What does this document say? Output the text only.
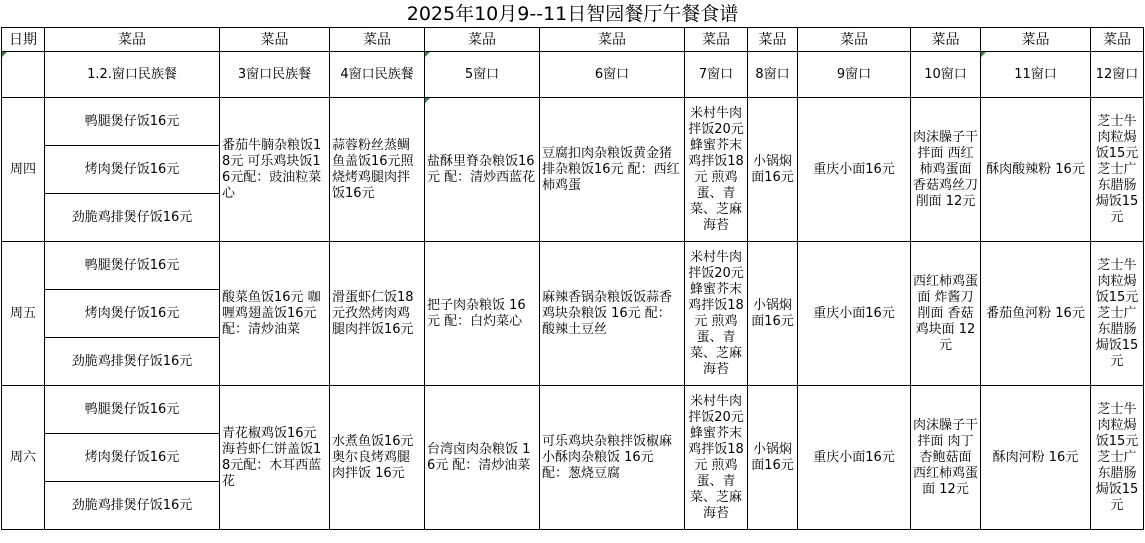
2025年10月9--11日智园餐厅午餐食谱
日期	菜品	菜品	菜品	菜品	菜品	菜品	菜品	菜品	菜品	菜品	菜品
	1.2.窗口民族餐	3窗口民族餐	4窗口民族餐	5窗口	6窗口	7窗口	8窗口	9窗口	10窗口	11窗口	12窗口
周四	鸭腿煲仔饭16元	番茄牛腩杂粮饭18元 可乐鸡块饭16元配：豉油粒菜心	蒜蓉粉丝蒸鲷鱼盖饭16元照烧烤鸡腿肉拌饭16元	盐酥里脊杂粮饭16元 配：清炒西蓝花	豆腐扣肉杂粮饭黄金猪排杂粮饭16元 配：西红柿鸡蛋	米村牛肉拌饭20元 蜂蜜芥末鸡拌饭18元 煎鸡蛋、青菜、芝麻海苔	小锅焖面16元	重庆小面16元	肉沫臊子干拌面 西红柿鸡蛋面 香菇鸡丝刀削面 12元	酥肉酸辣粉 16元	芝士牛肉粒焗饭15元芝士广东腊肠焗饭15元
	烤肉煲仔饭16元										
	劲脆鸡排煲仔饭16元										
周五	鸭腿煲仔饭16元	酸菜鱼饭16元 咖喱鸡翅盖饭16元配：清炒油菜	滑蛋虾仁饭18元孜然烤肉鸡腿肉拌饭16元	把子肉杂粮饭 16元 配：白灼菜心	麻辣香锅杂粮饭饭蒜香鸡块杂粮饭 16元 配：酸辣土豆丝	米村牛肉拌饭20元 蜂蜜芥末鸡拌饭18元 煎鸡蛋、青菜、芝麻海苔	小锅焖面16元	重庆小面16元	西红柿鸡蛋面 炸酱刀削面 香菇鸡块面 12元	番茄鱼河粉 16元	芝士牛肉粒焗饭15元芝士广东腊肠焗饭15元
	烤肉煲仔饭16元										
	劲脆鸡排煲仔饭16元										
周六	鸭腿煲仔饭16元	青花椒鸡饭16元 海苔虾仁饼盖饭18元配：木耳西蓝花	水煮鱼饭16元奥尔良烤鸡腿肉拌饭 16元	台湾卤肉杂粮饭 16元 配：清炒油菜	可乐鸡块杂粮拌饭椒麻小酥肉杂粮饭 16元 配：葱烧豆腐	米村牛肉拌饭20元 蜂蜜芥末鸡拌饭18元 煎鸡蛋、青菜、芝麻海苔	小锅焖面16元	重庆小面16元	肉沫臊子干拌面 肉丁杏鲍菇面 西红柿鸡蛋面 12元	酥肉河粉 16元	芝士牛肉粒焗饭15元芝士广东腊肠焗饭15元
	烤肉煲仔饭16元										
	劲脆鸡排煲仔饭16元										
